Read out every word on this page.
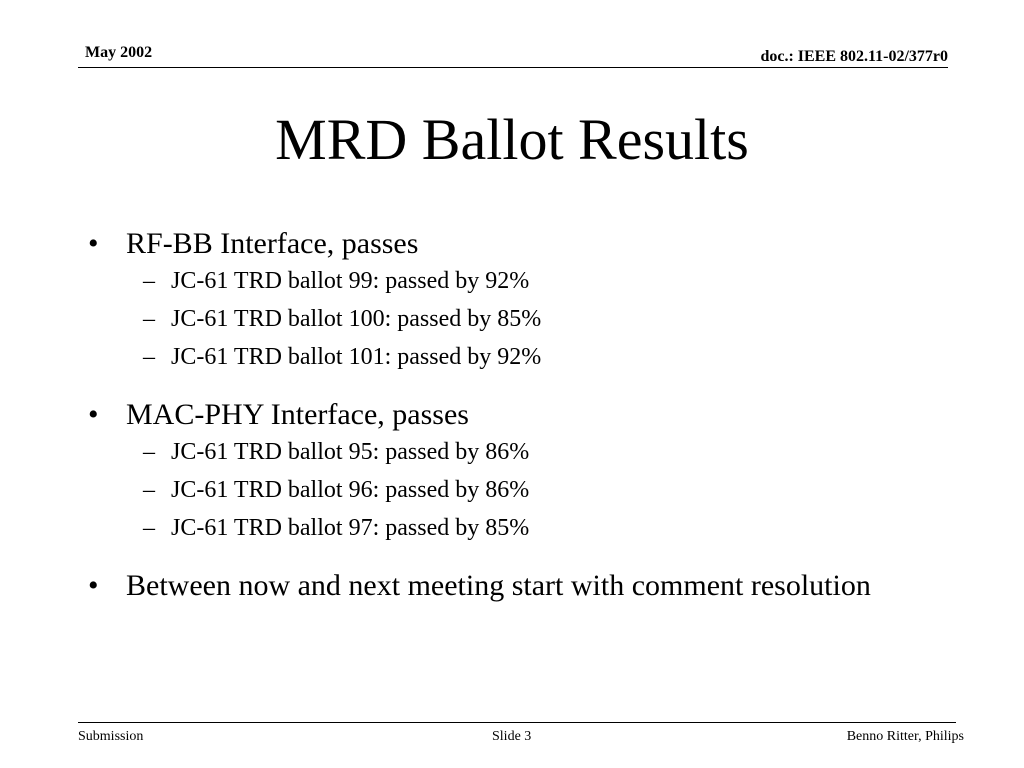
May 2002	doc.: IEEE 802.11-02/377r0
MRD Ballot Results
• RF-BB Interface, passes
– JC-61 TRD ballot 99: passed by 92%
– JC-61 TRD ballot 100: passed by 85%
– JC-61 TRD ballot 101: passed by 92%
• MAC-PHY Interface, passes
– JC-61 TRD ballot 95: passed by 86%
– JC-61 TRD ballot 96: passed by 86%
– JC-61 TRD ballot 97: passed by 85%
• Between now and next meeting start with comment resolution
Submission	Slide 3	Benno Ritter, Philips
